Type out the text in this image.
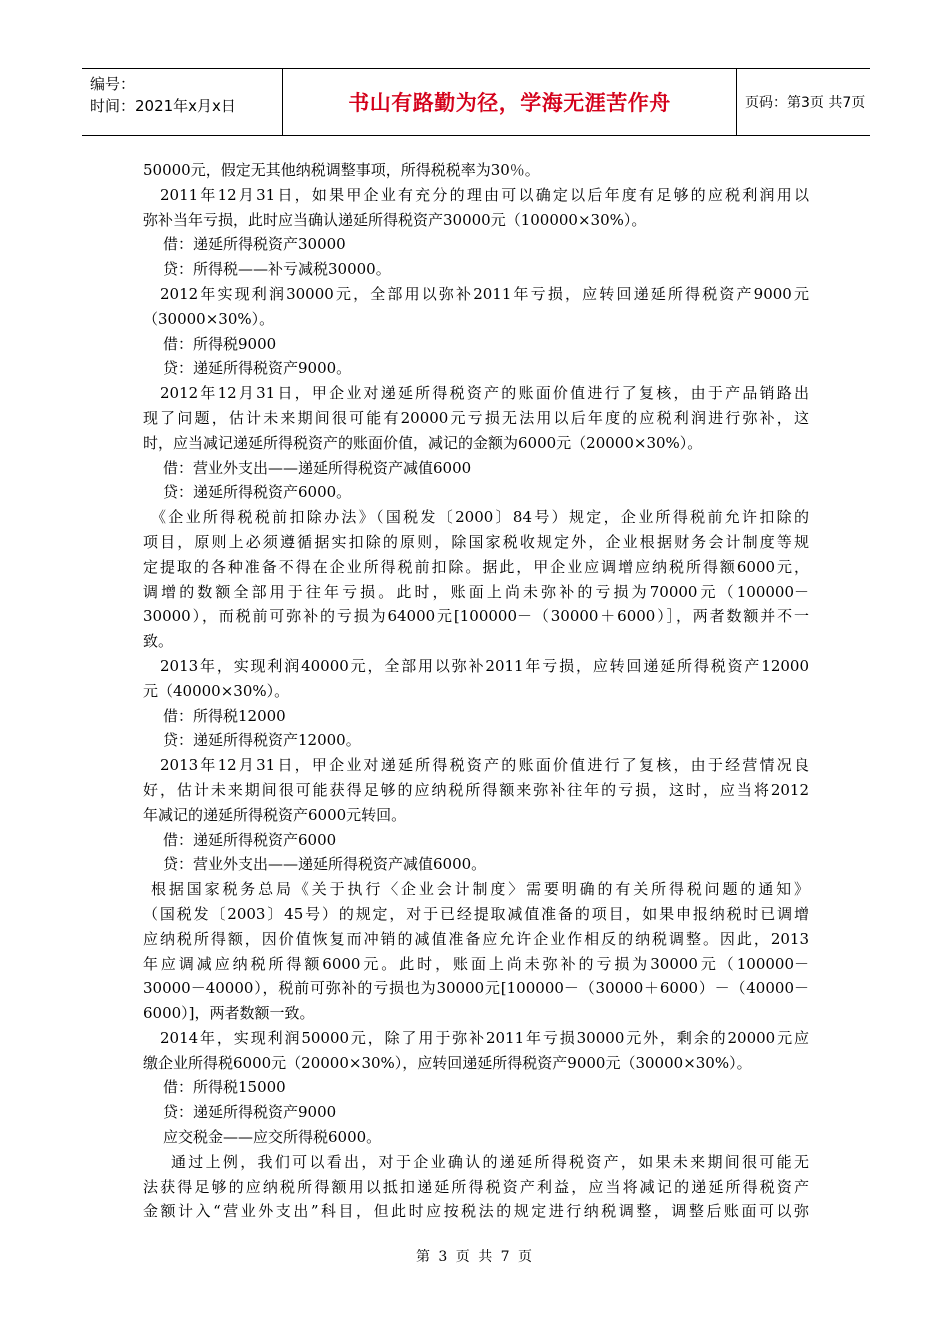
编号：
时间：2021年x月x日	书山有路勤为径，学海无涯苦作舟	页码：第3页 共7页
50000元，假定无其他纳税调整事项，所得税税率为30％。
2011年12月31日，如果甲企业有充分的理由可以确定以后年度有足够的应税利润用以
弥补当年亏损，此时应当确认递延所得税资产30000元（100000×30%）。
借：递延所得税资产30000
贷：所得税——补亏减税30000。
2012年实现利润30000元，全部用以弥补2011年亏损，应转回递延所得税资产9000元
（30000×30%）。
借：所得税9000
贷：递延所得税资产9000。
2012年12月31日，甲企业对递延所得税资产的账面价值进行了复核，由于产品销路出
现了问题，估计未来期间很可能有20000元亏损无法用以后年度的应税利润进行弥补，这
时，应当减记递延所得税资产的账面价值，减记的金额为6000元（20000×30%）。
借：营业外支出——递延所得税资产减值6000
贷：递延所得税资产6000。
《企业所得税税前扣除办法》（国税发〔2000〕84号）规定，企业所得税前允许扣除的
项目，原则上必须遵循据实扣除的原则，除国家税收规定外，企业根据财务会计制度等规
定提取的各种准备不得在企业所得税前扣除。据此，甲企业应调增应纳税所得额6000元，
调增的数额全部用于往年亏损。此时，账面上尚未弥补的亏损为70000元（100000－
30000），而税前可弥补的亏损为64000元[100000－（30000＋6000）］，两者数额并不一
致。
2013年，实现利润40000元，全部用以弥补2011年亏损，应转回递延所得税资产12000
元（40000×30%）。
借：所得税12000
贷：递延所得税资产12000。
2013年12月31日，甲企业对递延所得税资产的账面价值进行了复核，由于经营情况良
好，估计未来期间很可能获得足够的应纳税所得额来弥补往年的亏损，这时，应当将2012
年减记的递延所得税资产6000元转回。
借：递延所得税资产6000
贷：营业外支出——递延所得税资产减值6000。
根据国家税务总局《关于执行〈企业会计制度〉需要明确的有关所得税问题的通知》
（国税发〔2003〕45号）的规定，对于已经提取减值准备的项目，如果申报纳税时已调增
应纳税所得额，因价值恢复而冲销的减值准备应允许企业作相反的纳税调整。因此，2013
年应调减应纳税所得额6000元。此时，账面上尚未弥补的亏损为30000元（100000－
30000－40000），税前可弥补的亏损也为30000元[100000－（30000＋6000）－（40000－
6000）]，两者数额一致。
2014年，实现利润50000元，除了用于弥补2011年亏损30000元外，剩余的20000元应
缴企业所得税6000元（20000×30%），应转回递延所得税资产9000元（30000×30%）。
借：所得税15000
贷：递延所得税资产9000
应交税金——应交所得税6000。
通过上例，我们可以看出，对于企业确认的递延所得税资产，如果未来期间很可能无
法获得足够的应纳税所得额用以抵扣递延所得税资产利益，应当将减记的递延所得税资产
金额计入“营业外支出”科目，但此时应按税法的规定进行纳税调整，调整后账面可以弥
第 3 页 共 7 页
